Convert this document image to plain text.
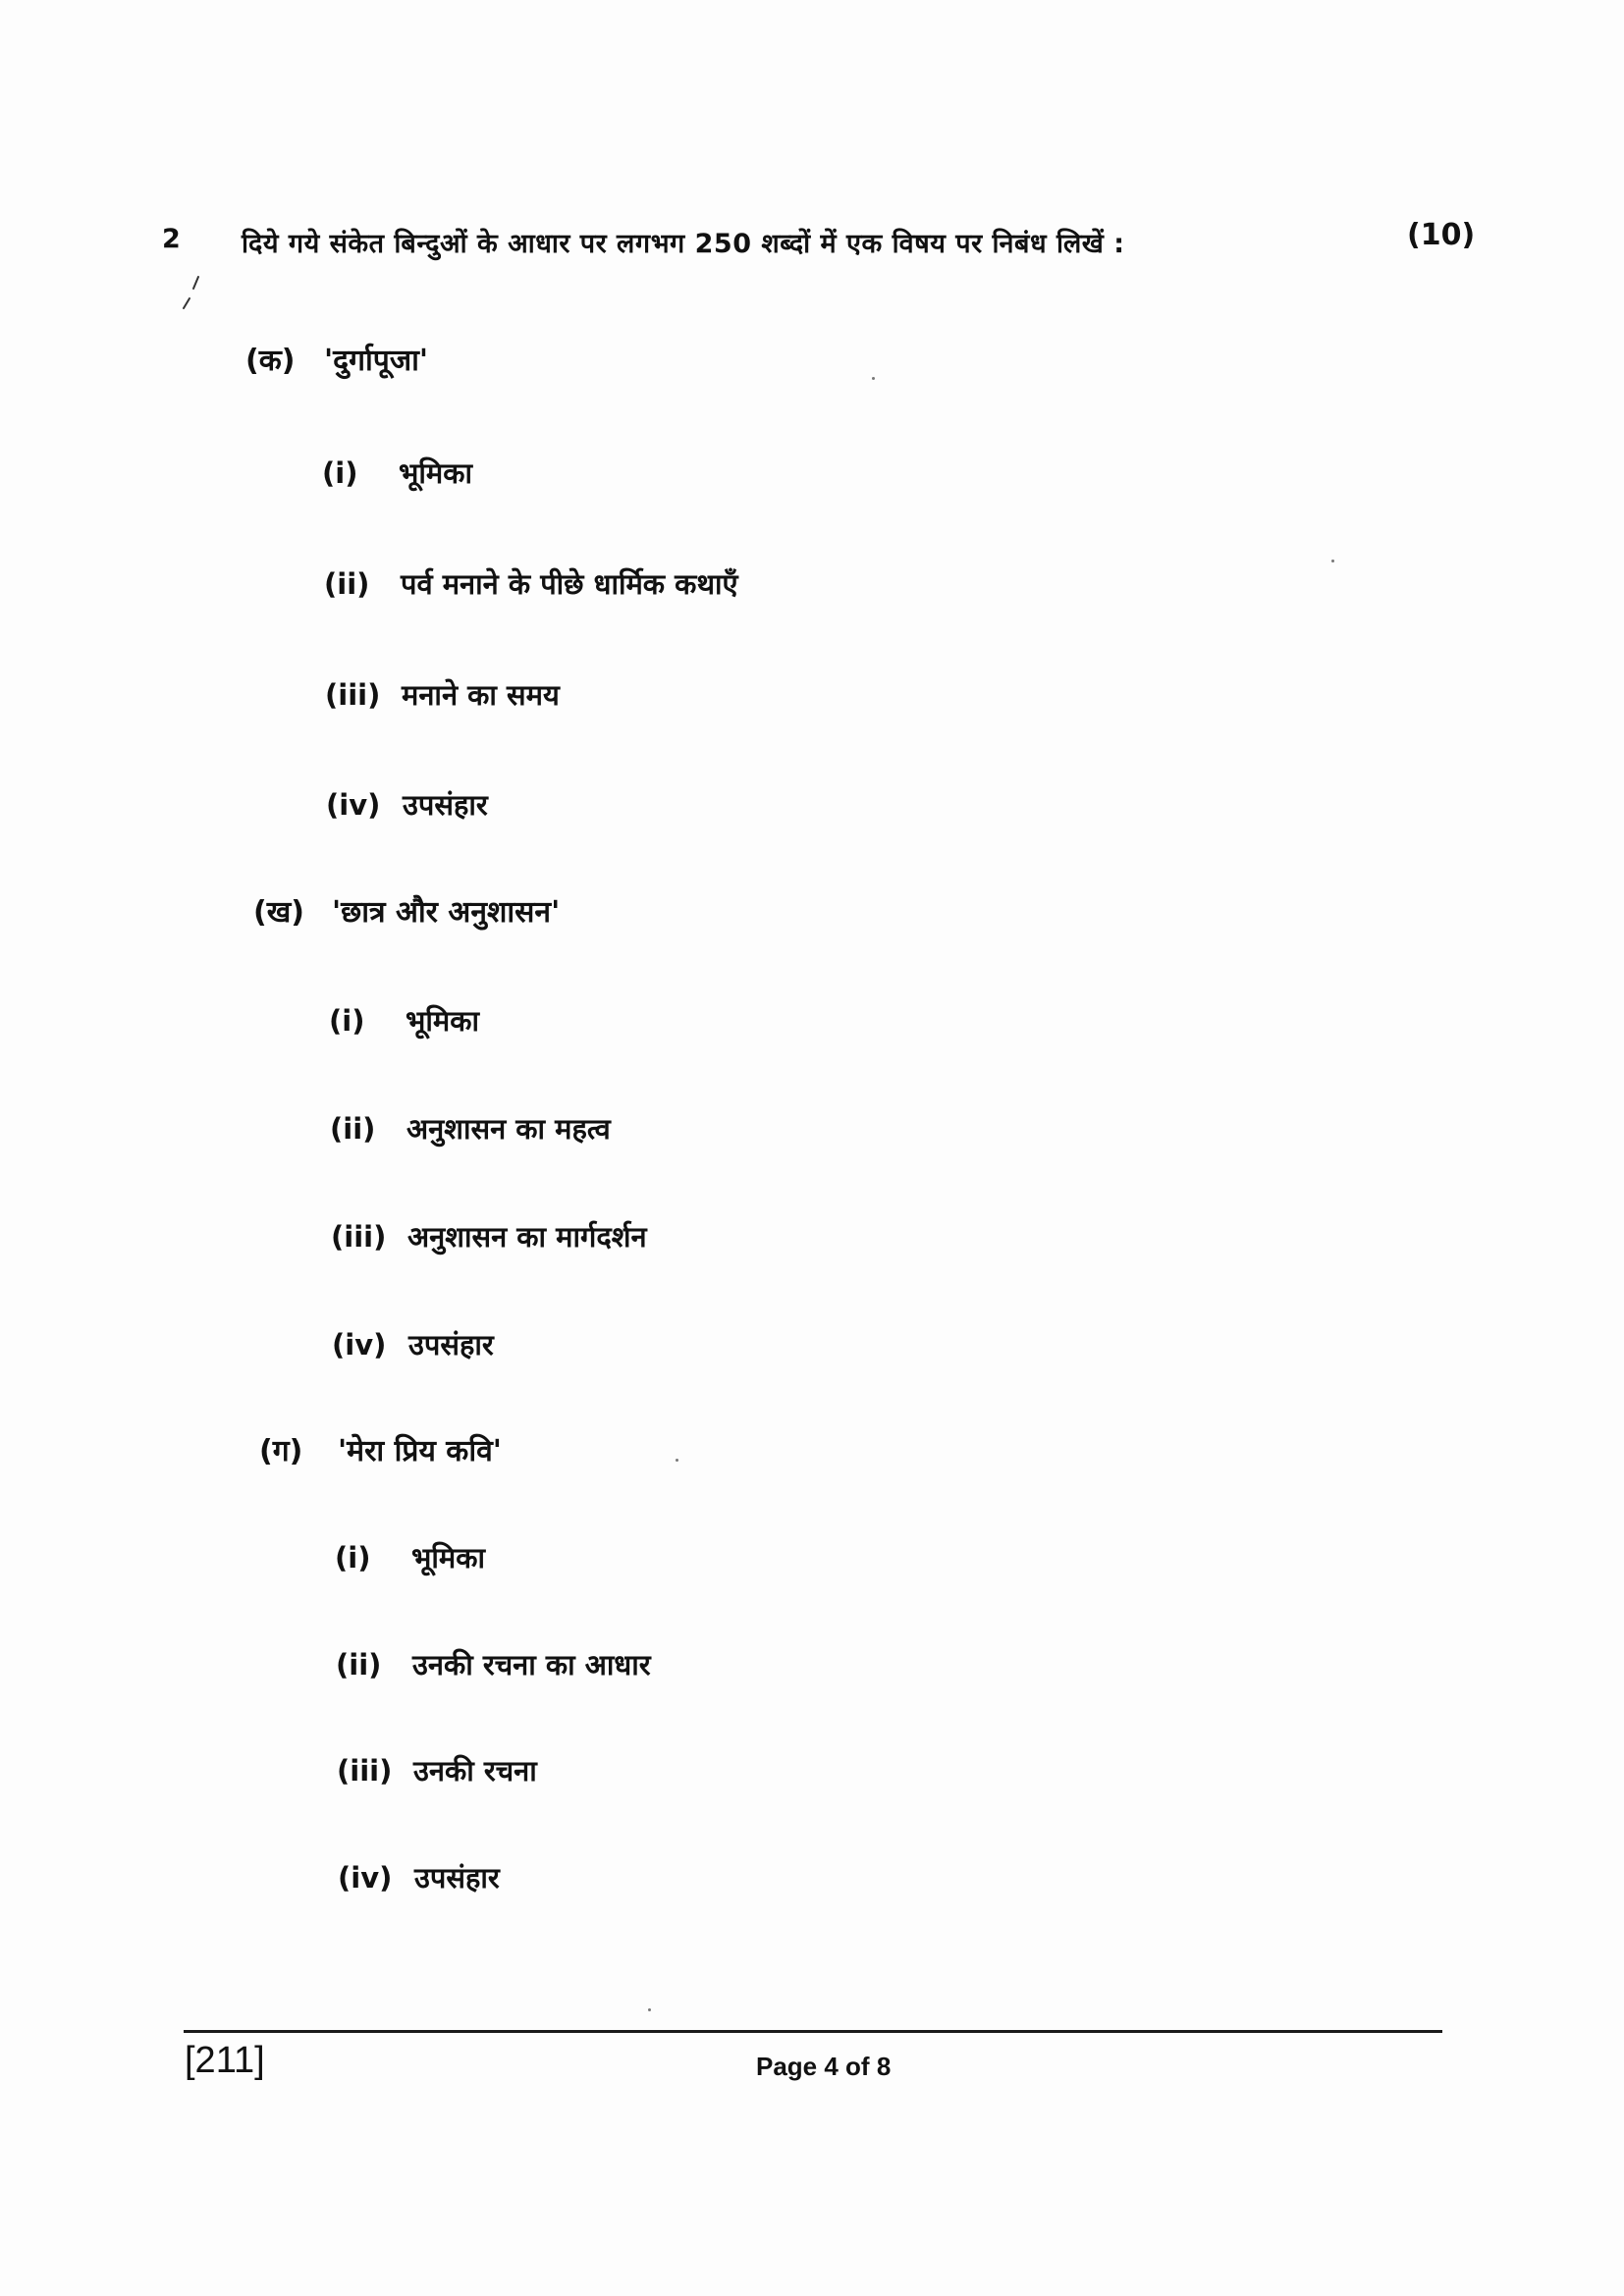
2 दिये गये संकेत बिन्दुओं के आधार पर लगभग 250 शब्दों में एक विषय पर निबंध लिखें :	(10)
(क) 'दुर्गापूजा'
(i) भूमिका
(ii) पर्व मनाने के पीछे धार्मिक कथाएँ
(iii) मनाने का समय
(iv) उपसंहार
(ख) 'छात्र और अनुशासन'
(i) भूमिका
(ii) अनुशासन का महत्व
(iii) अनुशासन का मार्गदर्शन
(iv) उपसंहार
(ग) 'मेरा प्रिय कवि'
(i) भूमिका
(ii) उनकी रचना का आधार
(iii) उनकी रचना
(iv) उपसंहार
[211]	Page 4 of 8
